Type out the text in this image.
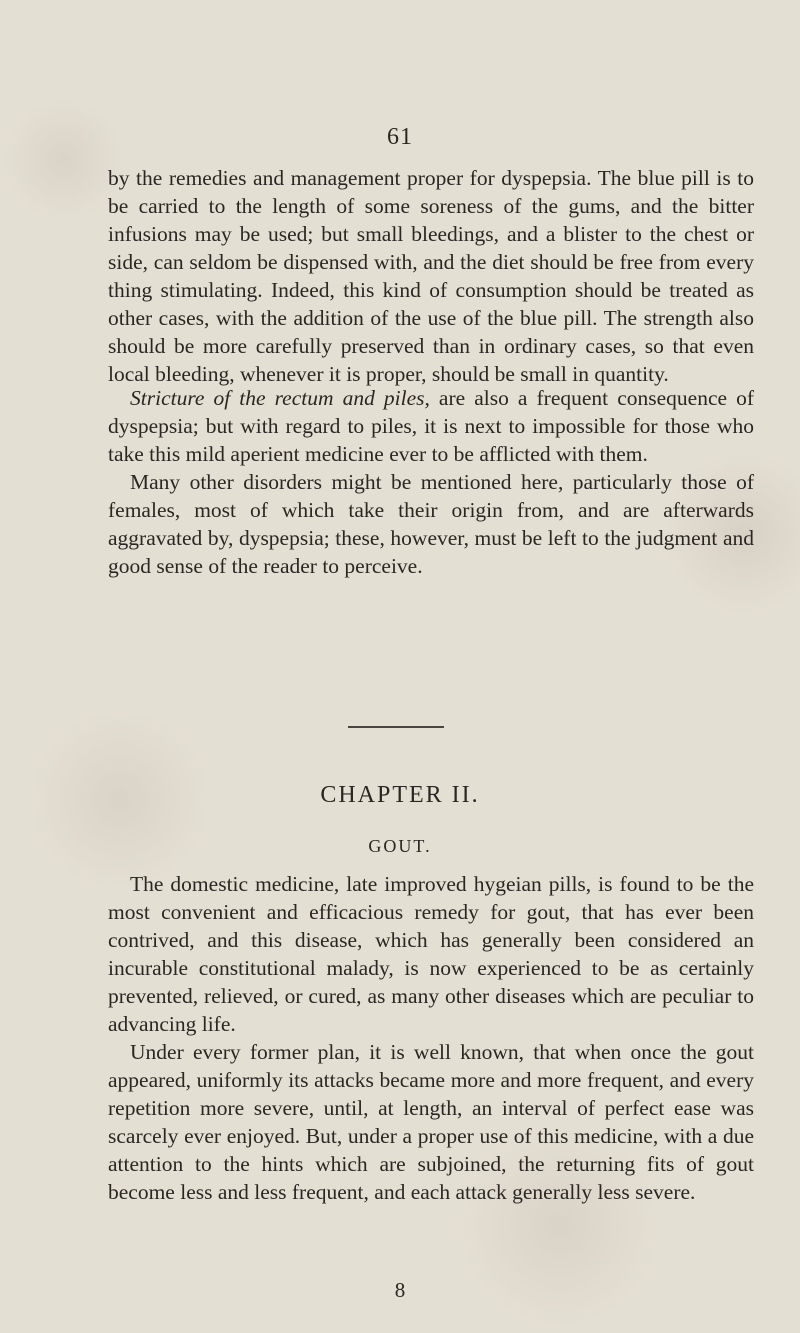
61

by the remedies and management proper for dyspepsia. The blue pill is to be carried to the length of some soreness of the gums, and the bitter infusions may be used; but small bleedings, and a blister to the chest or side, can seldom be dispensed with, and the diet should be free from every thing stimulating. Indeed, this kind of consumption should be treated as other cases, with the addition of the use of the blue pill. The strength also should be more carefully preserved than in ordinary cases, so that even local bleeding, whenever it is proper, should be small in quantity.

Stricture of the rectum and piles, are also a frequent consequence of dyspepsia; but with regard to piles, it is next to impossible for those who take this mild aperient medicine ever to be afflicted with them.

Many other disorders might be mentioned here, particularly those of females, most of which take their origin from, and are afterwards aggravated by, dyspepsia; these, however, must be left to the judgment and good sense of the reader to perceive.

CHAPTER II.
GOUT.

The domestic medicine, late improved hygeian pills, is found to be the most convenient and efficacious remedy for gout, that has ever been contrived, and this disease, which has generally been considered an incurable constitutional malady, is now experienced to be as certainly prevented, relieved, or cured, as many other diseases which are peculiar to advancing life.

Under every former plan, it is well known, that when once the gout appeared, uniformly its attacks became more and more frequent, and every repetition more severe, until, at length, an interval of perfect ease was scarcely ever enjoyed. But, under a proper use of this medicine, with a due attention to the hints which are subjoined, the returning fits of gout become less and less frequent, and each attack generally less severe.

8
